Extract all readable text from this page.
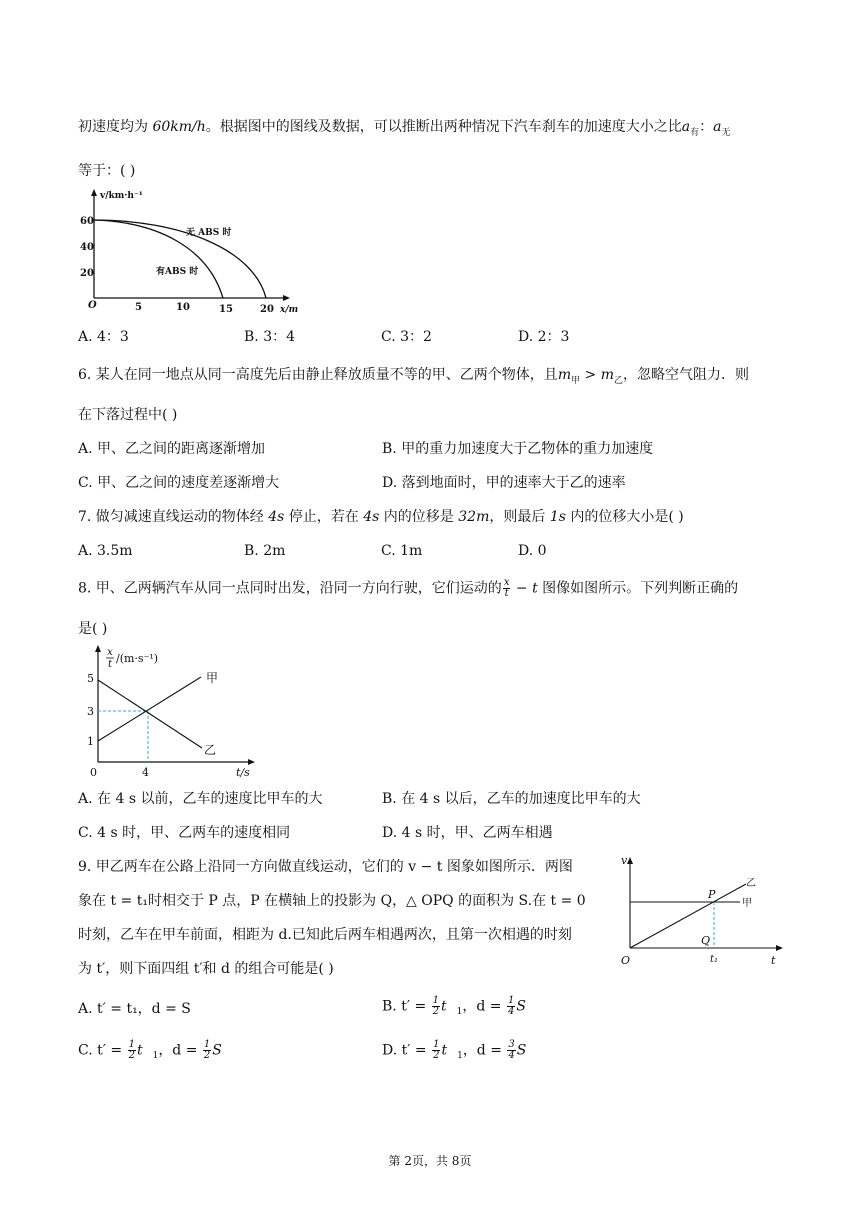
初速度均为 60km/h。根据图中的图线及数据，可以推断出两种情况下汽车刹车的加速度大小之比$a_有$：$a_无$
等于：( )
v/km·h⁻¹
x/m
O
60
40
20
5	10	15	20
无 ABS 时
有ABS 时
A. 4：3	B. 3：4	C. 3：2	D. 2：3
6. 某人在同一地点从同一高度先后由静止释放质量不等的甲、乙两个物体，且$m_甲 > m_乙$，忽略空气阻力．则
在下落过程中( )
A. 甲、乙之间的距离逐渐增加	B. 甲的重力加速度大于乙物体的重力加速度
C. 甲、乙之间的速度差逐渐增大	D. 落到地面时，甲的速率大于乙的速率
7. 做匀减速直线运动的物体经 4s 停止，若在 4s 内的位移是 32m，则最后 1s 内的位移大小是( )
A. 3.5m	B. 2m	C. 1m	D. 0
8. 甲、乙两辆汽车从同一点同时出发，沿同一方向行驶，它们运动的 $\frac{x}{t} - t$ 图像如图所示。下列判断正确的
是( )
x
t /(m·s⁻¹)
0
5
3
1
4	t/s
甲
乙
A. 在 4 s 以前，乙车的速度比甲车的大	B. 在 4 s 以后，乙车的加速度比甲车的大
C. 4 s 时，甲、乙两车的速度相同	D. 4 s 时，甲、乙两车相遇
9. 甲乙两车在公路上沿同一方向做直线运动，它们的 v − t 图象如图所示．两图
象在 t = t₁时相交于 P 点，P 在横轴上的投影为 Q，△ OPQ 的面积为 S.在 t = 0
时刻，乙车在甲车前面，相距为 d.已知此后两车相遇两次，且第一次相遇的时刻
为 t′，则下面四组 t′和 d 的组合可能是( )
v
t
O
甲
乙
P
Q
t₁
A. t′ = t₁，d = S	B. $t' = \frac{1}{2}$ t $_1$，$d = \frac{1}{4}$ S
C. $t' = \frac{1}{2}$ t $_1$，$d = \frac{1}{2}$ S	D. $t' = \frac{1}{2}$ t $_1$，$d = \frac{3}{4}$ S
第 2页，共 8页
